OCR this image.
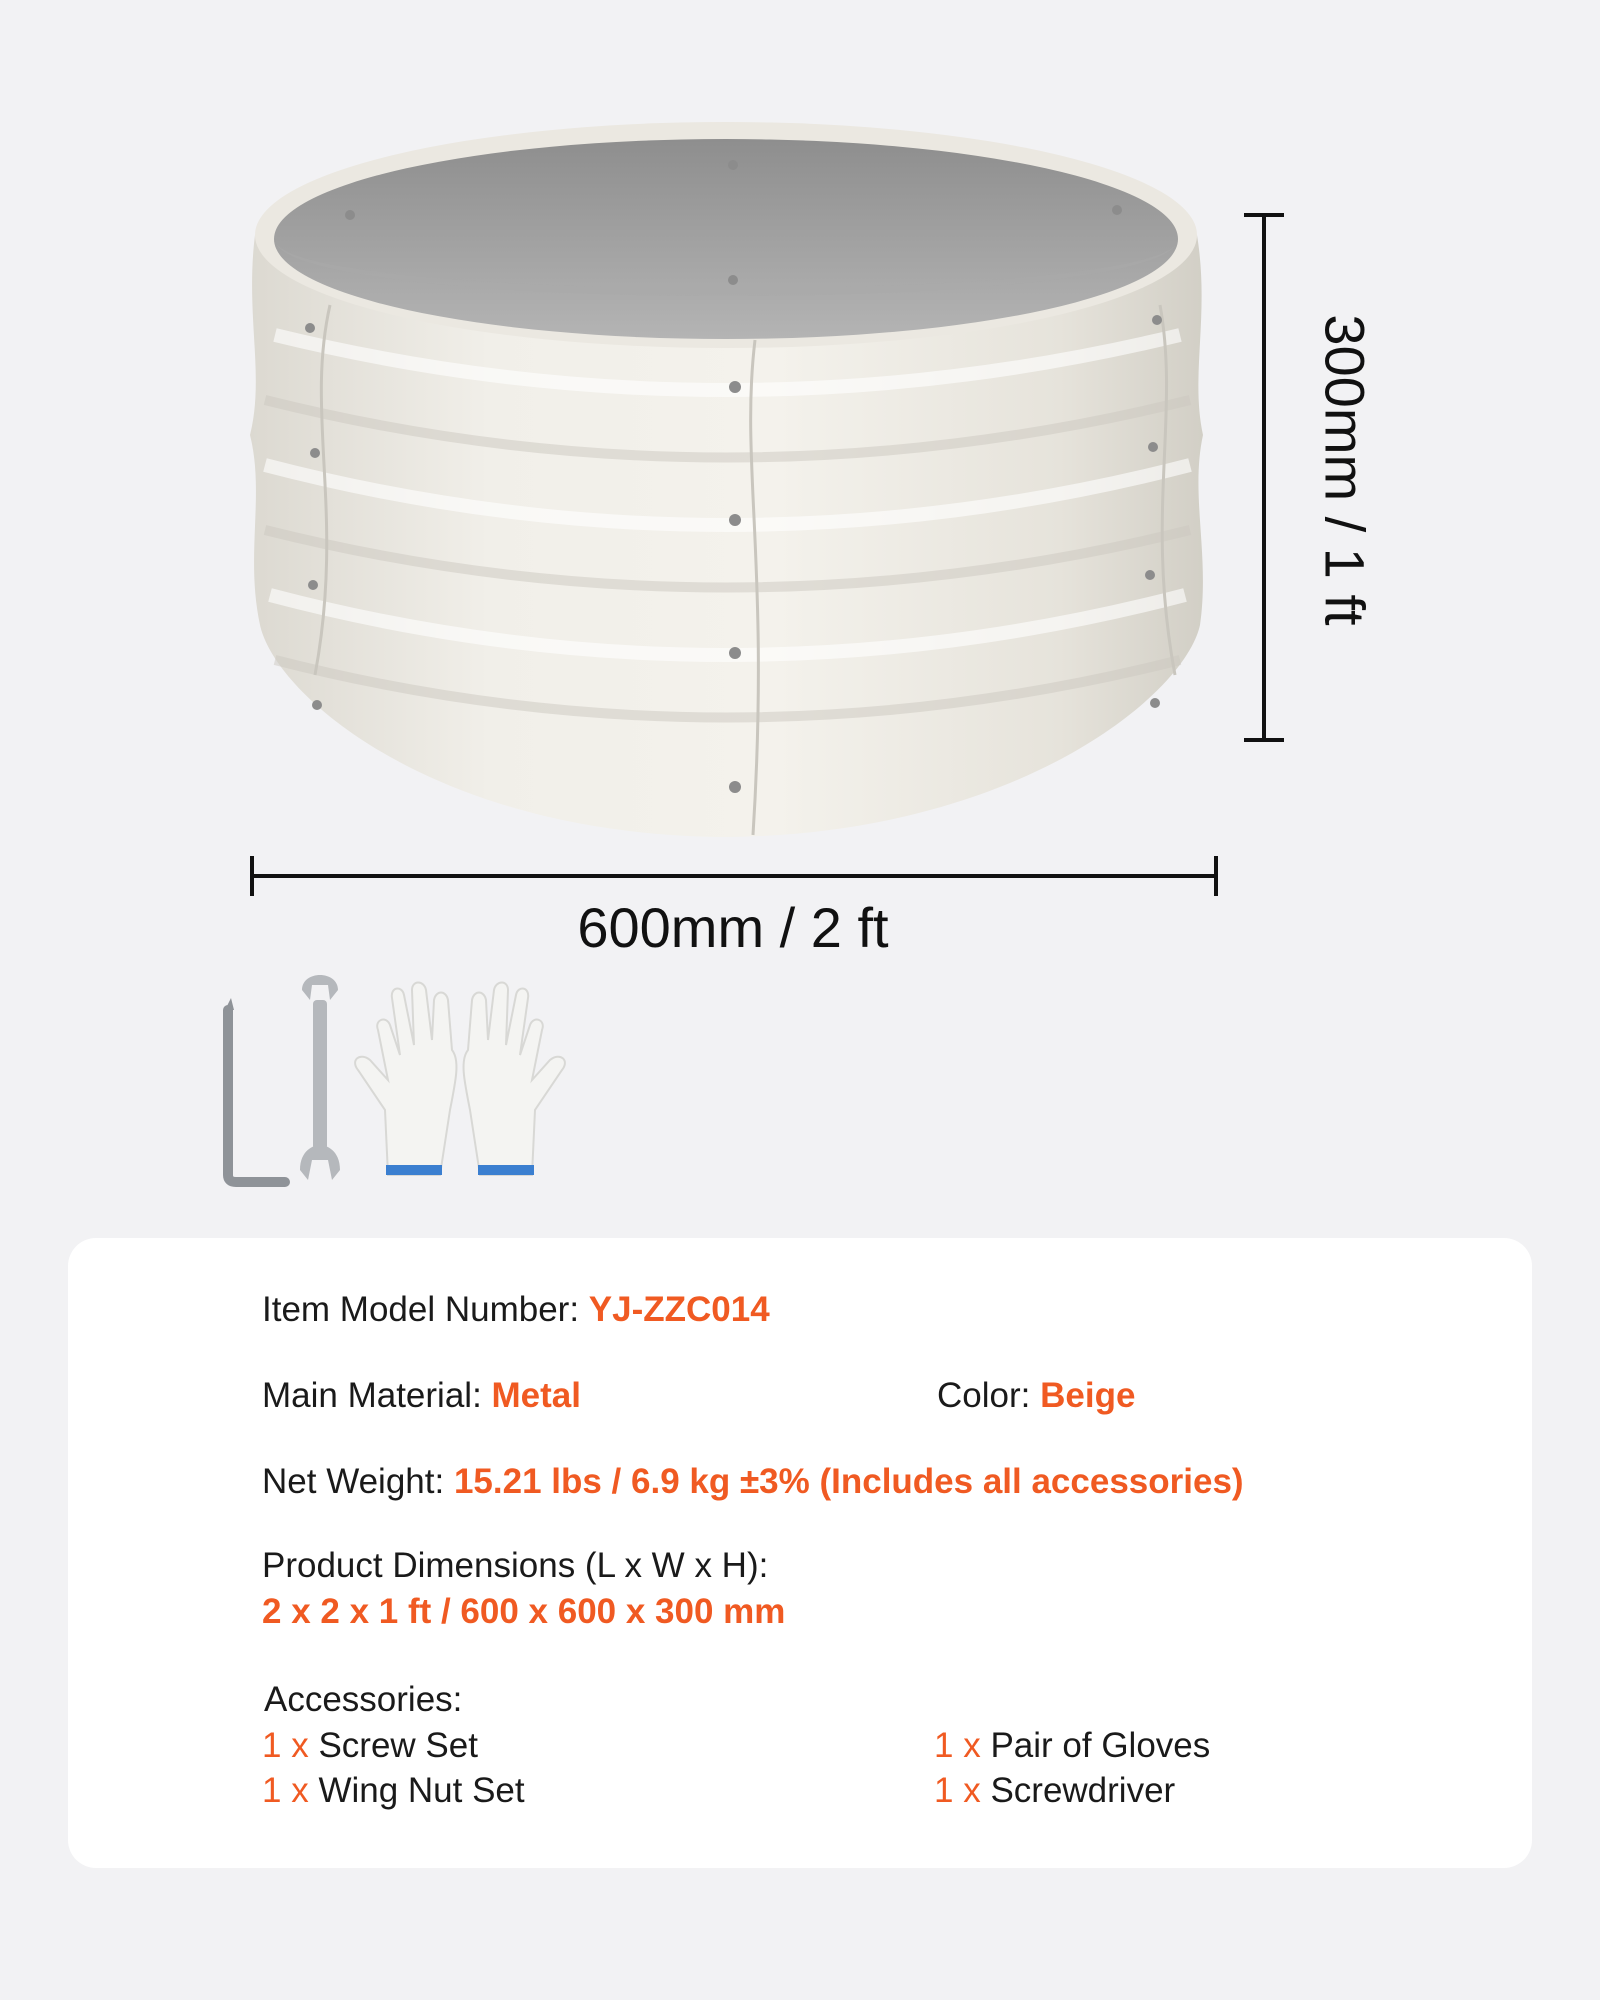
600mm / 2 ft
300mm / 1 ft
Item Model Number: YJ-ZZC014
Main Material: Metal	Color: Beige
Net Weight: 15.21 lbs / 6.9 kg ±3% (Includes all accessories)
Product Dimensions (L x W x H):
2 x 2 x 1 ft / 600 x 600 x 300 mm
Accessories:
1 x Screw Set
1 x Wing Nut Set
1 x Pair of Gloves
1 x Screwdriver
